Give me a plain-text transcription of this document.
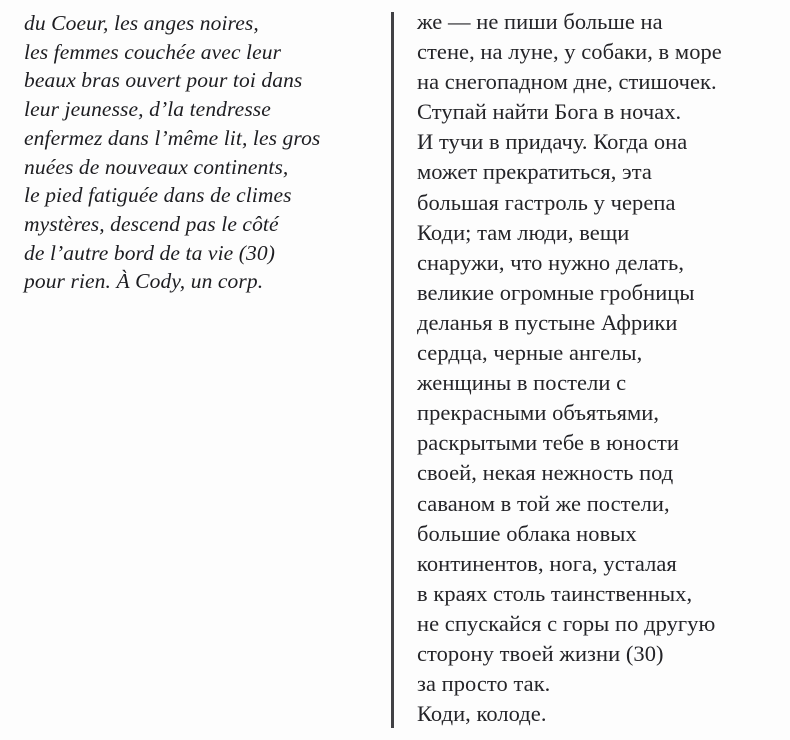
du Coeur, les anges noires,
les femmes couchée avec leur
beaux bras ouvert pour toi dans
leur jeunesse, d’la tendresse
enfermez dans l’même lit, les gros
nuées de nouveaux continents,
le pied fatiguée dans de climes
mystères, descend pas le côté
de l’autre bord de ta vie (30)
pour rien. À Cody, un corp.
же — не пиши больше на
стене, на луне, у собаки, в море
на снегопадном дне, стишочек.
Ступай найти Бога в ночах.
И тучи в придачу. Когда она
может прекратиться, эта
большая гастроль у черепа
Коди; там люди, вещи
снаружи, что нужно делать,
великие огромные гробницы
деланья в пустыне Африки
сердца, черные ангелы,
женщины в постели с
прекрасными объятьями,
раскрытыми тебе в юности
своей, некая нежность под
саваном в той же постели,
большие облака новых
континентов, нога, усталая
в краях столь таинственных,
не спускайся с горы по другую
сторону твоей жизни (30)
за просто так.
Коди, колоде.
